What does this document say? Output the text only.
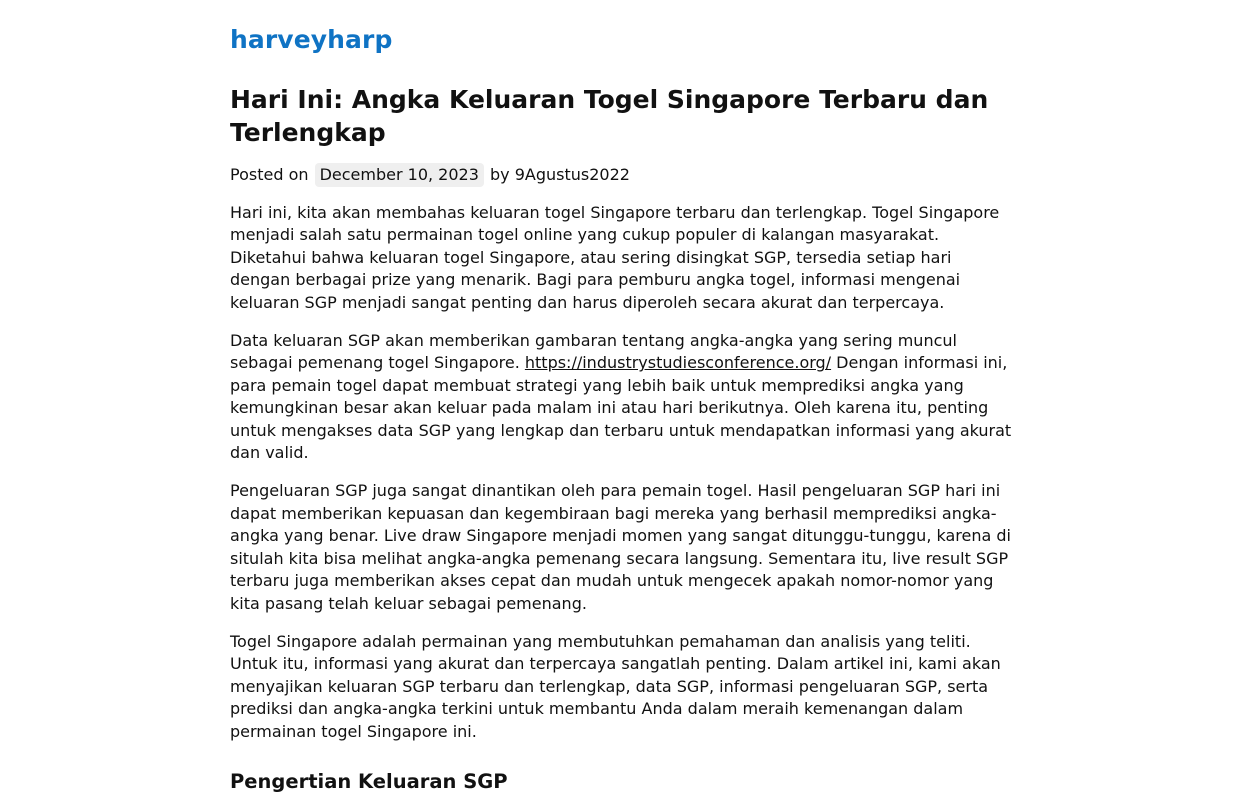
harveyharp
Hari Ini: Angka Keluaran Togel Singapore Terbaru dan Terlengkap
Posted on December 10, 2023 by 9Agustus2022

Hari ini, kita akan membahas keluaran togel Singapore terbaru dan terlengkap. Togel Singapore menjadi salah satu permainan togel online yang cukup populer di kalangan masyarakat. Diketahui bahwa keluaran togel Singapore, atau sering disingkat SGP, tersedia setiap hari dengan berbagai prize yang menarik. Bagi para pemburu angka togel, informasi mengenai keluaran SGP menjadi sangat penting dan harus diperoleh secara akurat dan terpercaya.

Data keluaran SGP akan memberikan gambaran tentang angka-angka yang sering muncul sebagai pemenang togel Singapore. https://industrystudiesconference.org/ Dengan informasi ini, para pemain togel dapat membuat strategi yang lebih baik untuk memprediksi angka yang kemungkinan besar akan keluar pada malam ini atau hari berikutnya. Oleh karena itu, penting untuk mengakses data SGP yang lengkap dan terbaru untuk mendapatkan informasi yang akurat dan valid.

Pengeluaran SGP juga sangat dinantikan oleh para pemain togel. Hasil pengeluaran SGP hari ini dapat memberikan kepuasan dan kegembiraan bagi mereka yang berhasil memprediksi angka-angka yang benar. Live draw Singapore menjadi momen yang sangat ditunggu-tunggu, karena di situlah kita bisa melihat angka-angka pemenang secara langsung. Sementara itu, live result SGP terbaru juga memberikan akses cepat dan mudah untuk mengecek apakah nomor-nomor yang kita pasang telah keluar sebagai pemenang.

Togel Singapore adalah permainan yang membutuhkan pemahaman dan analisis yang teliti. Untuk itu, informasi yang akurat dan terpercaya sangatlah penting. Dalam artikel ini, kami akan menyajikan keluaran SGP terbaru dan terlengkap, data SGP, informasi pengeluaran SGP, serta prediksi dan angka-angka terkini untuk membantu Anda dalam meraih kemenangan dalam permainan togel Singapore ini.

Pengertian Keluaran SGP
